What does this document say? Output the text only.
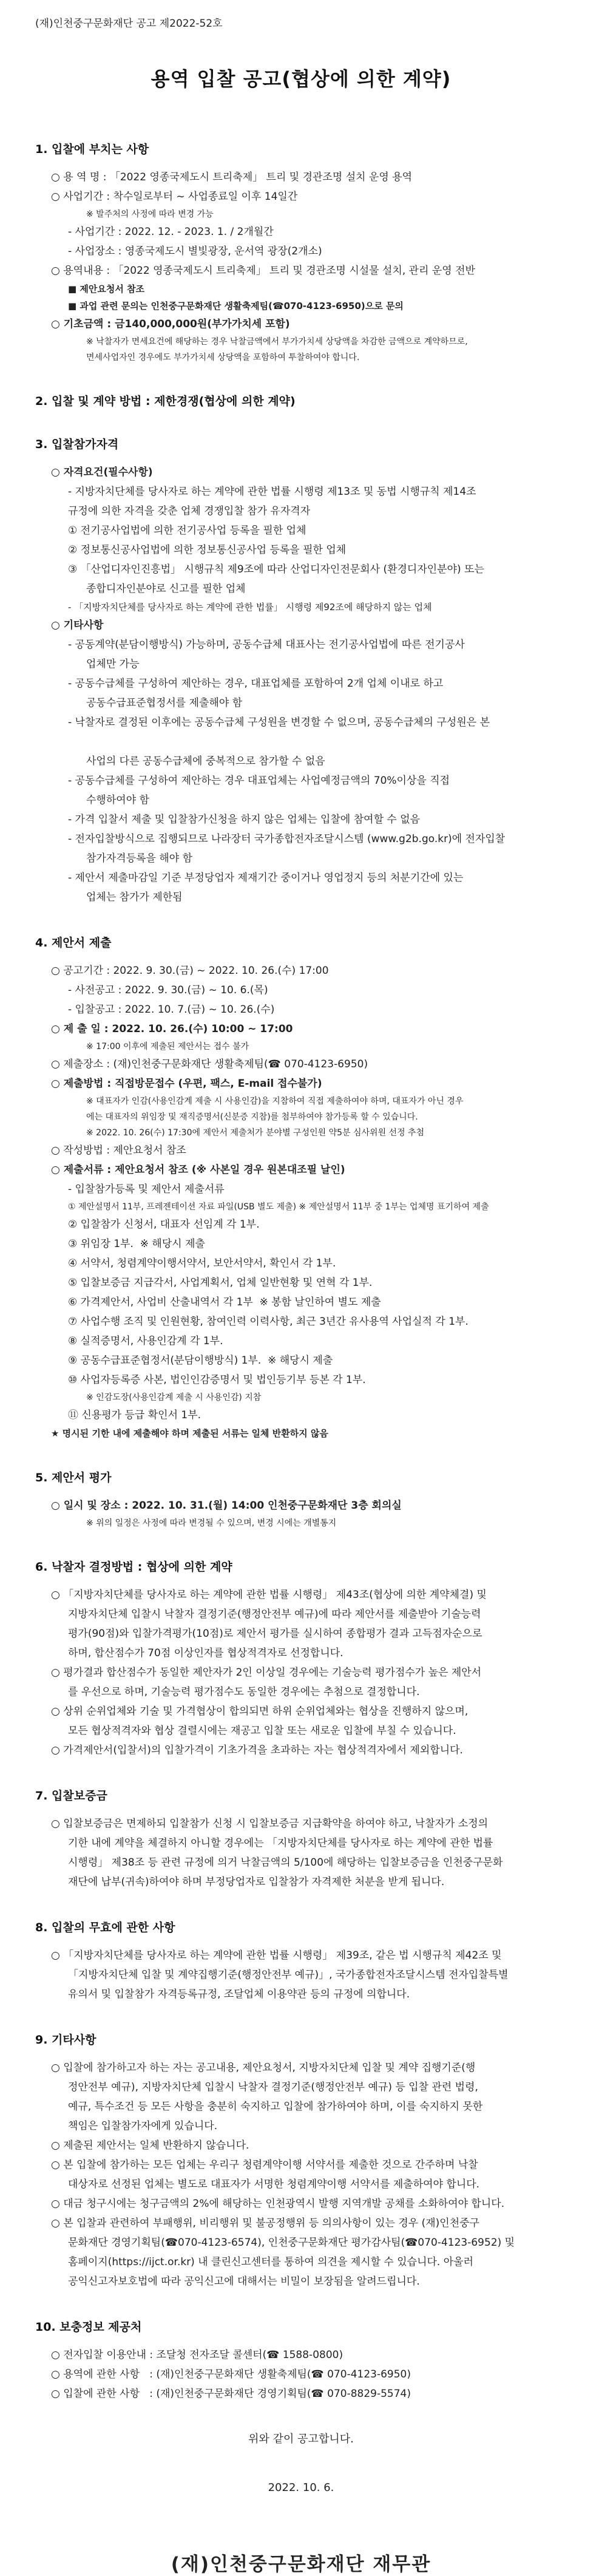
(재)인천중구문화재단 공고 제2022-52호
용역 입찰 공고(협상에 의한 계약)
1. 입찰에 부치는 사항
○ 용 역 명 : 「2022 영종국제도시 트리축제」 트리 및 경관조명 설치 운영 용역
○ 사업기간 : 착수일로부터 ~ 사업종료일 이후 14일간
※ 발주처의 사정에 따라 변경 가능
- 사업기간 : 2022. 12. - 2023. 1. / 2개월간
- 사업장소 : 영종국제도시 별빛광장, 운서역 광장(2개소)
○ 용역내용 : 「2022 영종국제도시 트리축제」 트리 및 경관조명 시설물 설치, 관리 운영 전반
■ 제안요청서 참조
■ 과업 관련 문의는 인천중구문화재단 생활축제팀(☎070-4123-6950)으로 문의
○ 기초금액 : 금140,000,000원(부가가치세 포함)
※ 낙찰자가 면세요건에 해당하는 경우 낙찰금액에서 부가가치세 상당액을 차감한 금액으로 계약하므로,
면세사업자인 경우에도 부가가치세 상당액을 포함하여 투찰하여야 합니다.
2. 입찰 및 계약 방법 : 제한경쟁(협상에 의한 계약)
3. 입찰참가자격
○ 자격요건(필수사항)
- 지방자치단체를 당사자로 하는 계약에 관한 법률 시행령 제13조 및 동법 시행규칙 제14조
규정에 의한 자격을 갖춘 업체 경쟁입찰 참가 유자격자
① 전기공사업법에 의한 전기공사업 등록을 필한 업체
② 정보통신공사업법에 의한 정보통신공사업 등록을 필한 업체
③ 「산업디자인진흥법」 시행규칙 제9조에 따라 산업디자인전문회사 (환경디자인분야) 또는
종합디자인분야로 신고를 필한 업체
- 「지방자치단체를 당사자로 하는 계약에 관한 법률」 시행령 제92조에 해당하지 않는 업체
○ 기타사항
- 공동계약(분담이행방식) 가능하며, 공동수급체 대표사는 전기공사업법에 따른 전기공사
업체만 가능
- 공동수급체를 구성하여 제안하는 경우, 대표업체를 포함하여 2개 업체 이내로 하고
공동수급표준협정서를 제출해야 함
- 낙찰자로 결정된 이후에는 공동수급체 구성원을 변경할 수 없으며, 공동수급체의 구성원은 본

사업의 다른 공동수급체에 중복적으로 참가할 수 없음
- 공동수급체를 구성하여 제안하는 경우 대표업체는 사업예정금액의 70%이상을 직접
수행하여야 함
- 가격 입찰서 제출 및 입찰참가신청을 하지 않은 업체는 입찰에 참여할 수 없음
- 전자입찰방식으로 집행되므로 나라장터 국가종합전자조달시스템 (www.g2b.go.kr)에 전자입찰
참가자격등록을 해야 함
- 제안서 제출마감일 기준 부정당업자 제재기간 중이거나 영업정지 등의 처분기간에 있는
업체는 참가가 제한됨
4. 제안서 제출
○ 공고기간 : 2022. 9. 30.(금) ~ 2022. 10. 26.(수) 17:00
- 사전공고 : 2022. 9. 30.(금) ~ 10. 6.(목)
- 입찰공고 : 2022. 10. 7.(금) ~ 10. 26.(수)
○ 제 출 일 : 2022. 10. 26.(수) 10:00 ~ 17:00
※ 17:00 이후에 제출된 제안서는 접수 불가
○ 제출장소 : (재)인천중구문화재단 생활축제팀(☎ 070-4123-6950)
○ 제출방법 : 직접방문접수 (우편, 팩스, E-mail 접수불가)
※ 대표자가 인감(사용인감계 제출 시 사용인감)을 지참하여 직접 제출하여야 하며, 대표자가 아닌 경우
에는 대표자의 위임장 및 재직증명서(신분증 지참)를 첨부하여야 참가등록 할 수 있습니다.
※ 2022. 10. 26(수) 17:30에 제안서 제출처가 분야별 구성인원 약5분 심사위원 선정 추첨
○ 작성방법 : 제안요청서 참조
○ 제출서류 : 제안요청서 참조 (※ 사본일 경우 원본대조필 날인)
- 입찰참가등록 및 제안서 제출서류
① 제안설명서 11부, 프레젠테이션 자료 파일(USB 별도 제출) ※ 제안설명서 11부 중 1부는 업체명 표기하여 제출
② 입찰참가 신청서, 대표자 선임계 각 1부.
③ 위임장 1부.  ※ 해당시 제출
④ 서약서, 청렴계약이행서약서, 보안서약서, 확인서 각 1부.
⑤ 입찰보증금 지급각서, 사업계획서, 업체 일반현황 및 연혁 각 1부.
⑥ 가격제안서, 사업비 산출내역서 각 1부  ※ 봉함 날인하여 별도 제출
⑦ 사업수행 조직 및 인원현황, 참여인력 이력사항, 최근 3년간 유사용역 사업실적 각 1부.
⑧ 실적증명서, 사용인감계 각 1부.
⑨ 공동수급표준협정서(분담이행방식) 1부.  ※ 해당시 제출
⑩ 사업자등록증 사본, 법인인감증명서 및 법인등기부 등본 각 1부.
※ 인감도장(사용인감계 제출 시 사용인감) 지참
⑪ 신용평가 등급 확인서 1부.
★ 명시된 기한 내에 제출해야 하며 제출된 서류는 일체 반환하지 않음
5. 제안서 평가
○ 일시 및 장소 : 2022. 10. 31.(월) 14:00 인천중구문화재단 3층 회의실
※ 위의 일정은 사정에 따라 변경될 수 있으며, 변경 시에는 개별통지
6. 낙찰자 결정방법 : 협상에 의한 계약
○ 「지방자치단체를 당사자로 하는 계약에 관한 법률 시행령」 제43조(협상에 의한 계약체결) 및
지방자치단체 입찰시 낙찰자 결정기준(행정안전부 예규)에 따라 제안서를 제출받아 기술능력
평가(90점)와 입찰가격평가(10점)로 제안서 평가를 실시하여 종합평가 결과 고득점자순으로
하며, 합산점수가 70점 이상인자를 협상적격자로 선정합니다.
○ 평가결과 합산점수가 동일한 제안자가 2인 이상일 경우에는 기술능력 평가점수가 높은 제안서
를 우선으로 하며, 기술능력 평가점수도 동일한 경우에는 추첨으로 결정합니다.
○ 상위 순위업체와 기술 및 가격협상이 합의되면 하위 순위업체와는 협상을 진행하지 않으며,
모든 협상적격자와 협상 결렬시에는 재공고 입찰 또는 새로운 입찰에 부칠 수 있습니다.
○ 가격제안서(입찰서)의 입찰가격이 기초가격을 초과하는 자는 협상적격자에서 제외합니다.
7. 입찰보증금
○ 입찰보증금은 면제하되 입찰참가 신청 시 입찰보증금 지급확약을 하여야 하고, 낙찰자가 소정의
기한 내에 계약을 체결하지 아니할 경우에는 「지방자치단체를 당사자로 하는 계약에 관한 법률
시행령」 제38조 등 관련 규정에 의거 낙찰금액의 5/100에 해당하는 입찰보증금을 인천중구문화
재단에 납부(귀속)하여야 하며 부정당업자로 입찰참가 자격제한 처분을 받게 됩니다.
8. 입찰의 무효에 관한 사항
○ 「지방자치단체를 당사자로 하는 계약에 관한 법률 시행령」 제39조, 같은 법 시행규칙 제42조 및
「지방자치단체 입찰 및 계약집행기준(행정안전부 예규)」, 국가종합전자조달시스템 전자입찰특별
유의서 및 입찰참가 자격등록규정, 조달업체 이용약관 등의 규정에 의합니다.
9. 기타사항
○ 입찰에 참가하고자 하는 자는 공고내용, 제안요청서, 지방자치단체 입찰 및 계약 집행기준(행
정안전부 예규), 지방자치단체 입찰시 낙찰자 결정기준(행정안전부 예규) 등 입찰 관련 법령,
예규, 특수조건 등 모든 사항을 충분히 숙지하고 입찰에 참가하여야 하며, 이를 숙지하지 못한
책임은 입찰참가자에게 있습니다.
○ 제출된 제안서는 일체 반환하지 않습니다.
○ 본 입찰에 참가하는 모든 업체는 우리구 청렴계약이행 서약서를 제출한 것으로 간주하며 낙찰
대상자로 선정된 업체는 별도로 대표자가 서명한 청렴계약이행 서약서를 제출하여야 합니다.
○ 대금 청구시에는 청구금액의 2%에 해당하는 인천광역시 발행 지역개발 공채를 소화하여야 합니다.
○ 본 입찰과 관련하여 부패행위, 비리행위 및 불공정행위 등 의의사항이 있는 경우 (재)인천중구
문화재단 경영기획팀(☎070-4123-6574), 인천중구문화재단 평가감사팀(☎070-4123-6952) 및
홈페이지(https://ijct.or.kr) 내 클린신고센터를 통하여 의견을 제시할 수 있습니다. 아울러
공익신고자보호법에 따라 공익신고에 대해서는 비밀이 보장됨을 알려드립니다.
10. 보충정보 제공처
○ 전자입찰 이용안내 : 조달청 전자조달 콜센터(☎ 1588-0800)
○ 용역에 관한 사항   : (재)인천중구문화재단 생활축제팀(☎ 070-4123-6950)
○ 입찰에 관한 사항   : (재)인천중구문화재단 경영기획팀(☎ 070-8829-5574)
위와 같이 공고합니다.
2022. 10. 6.
(재)인천중구문화재단 재무관
